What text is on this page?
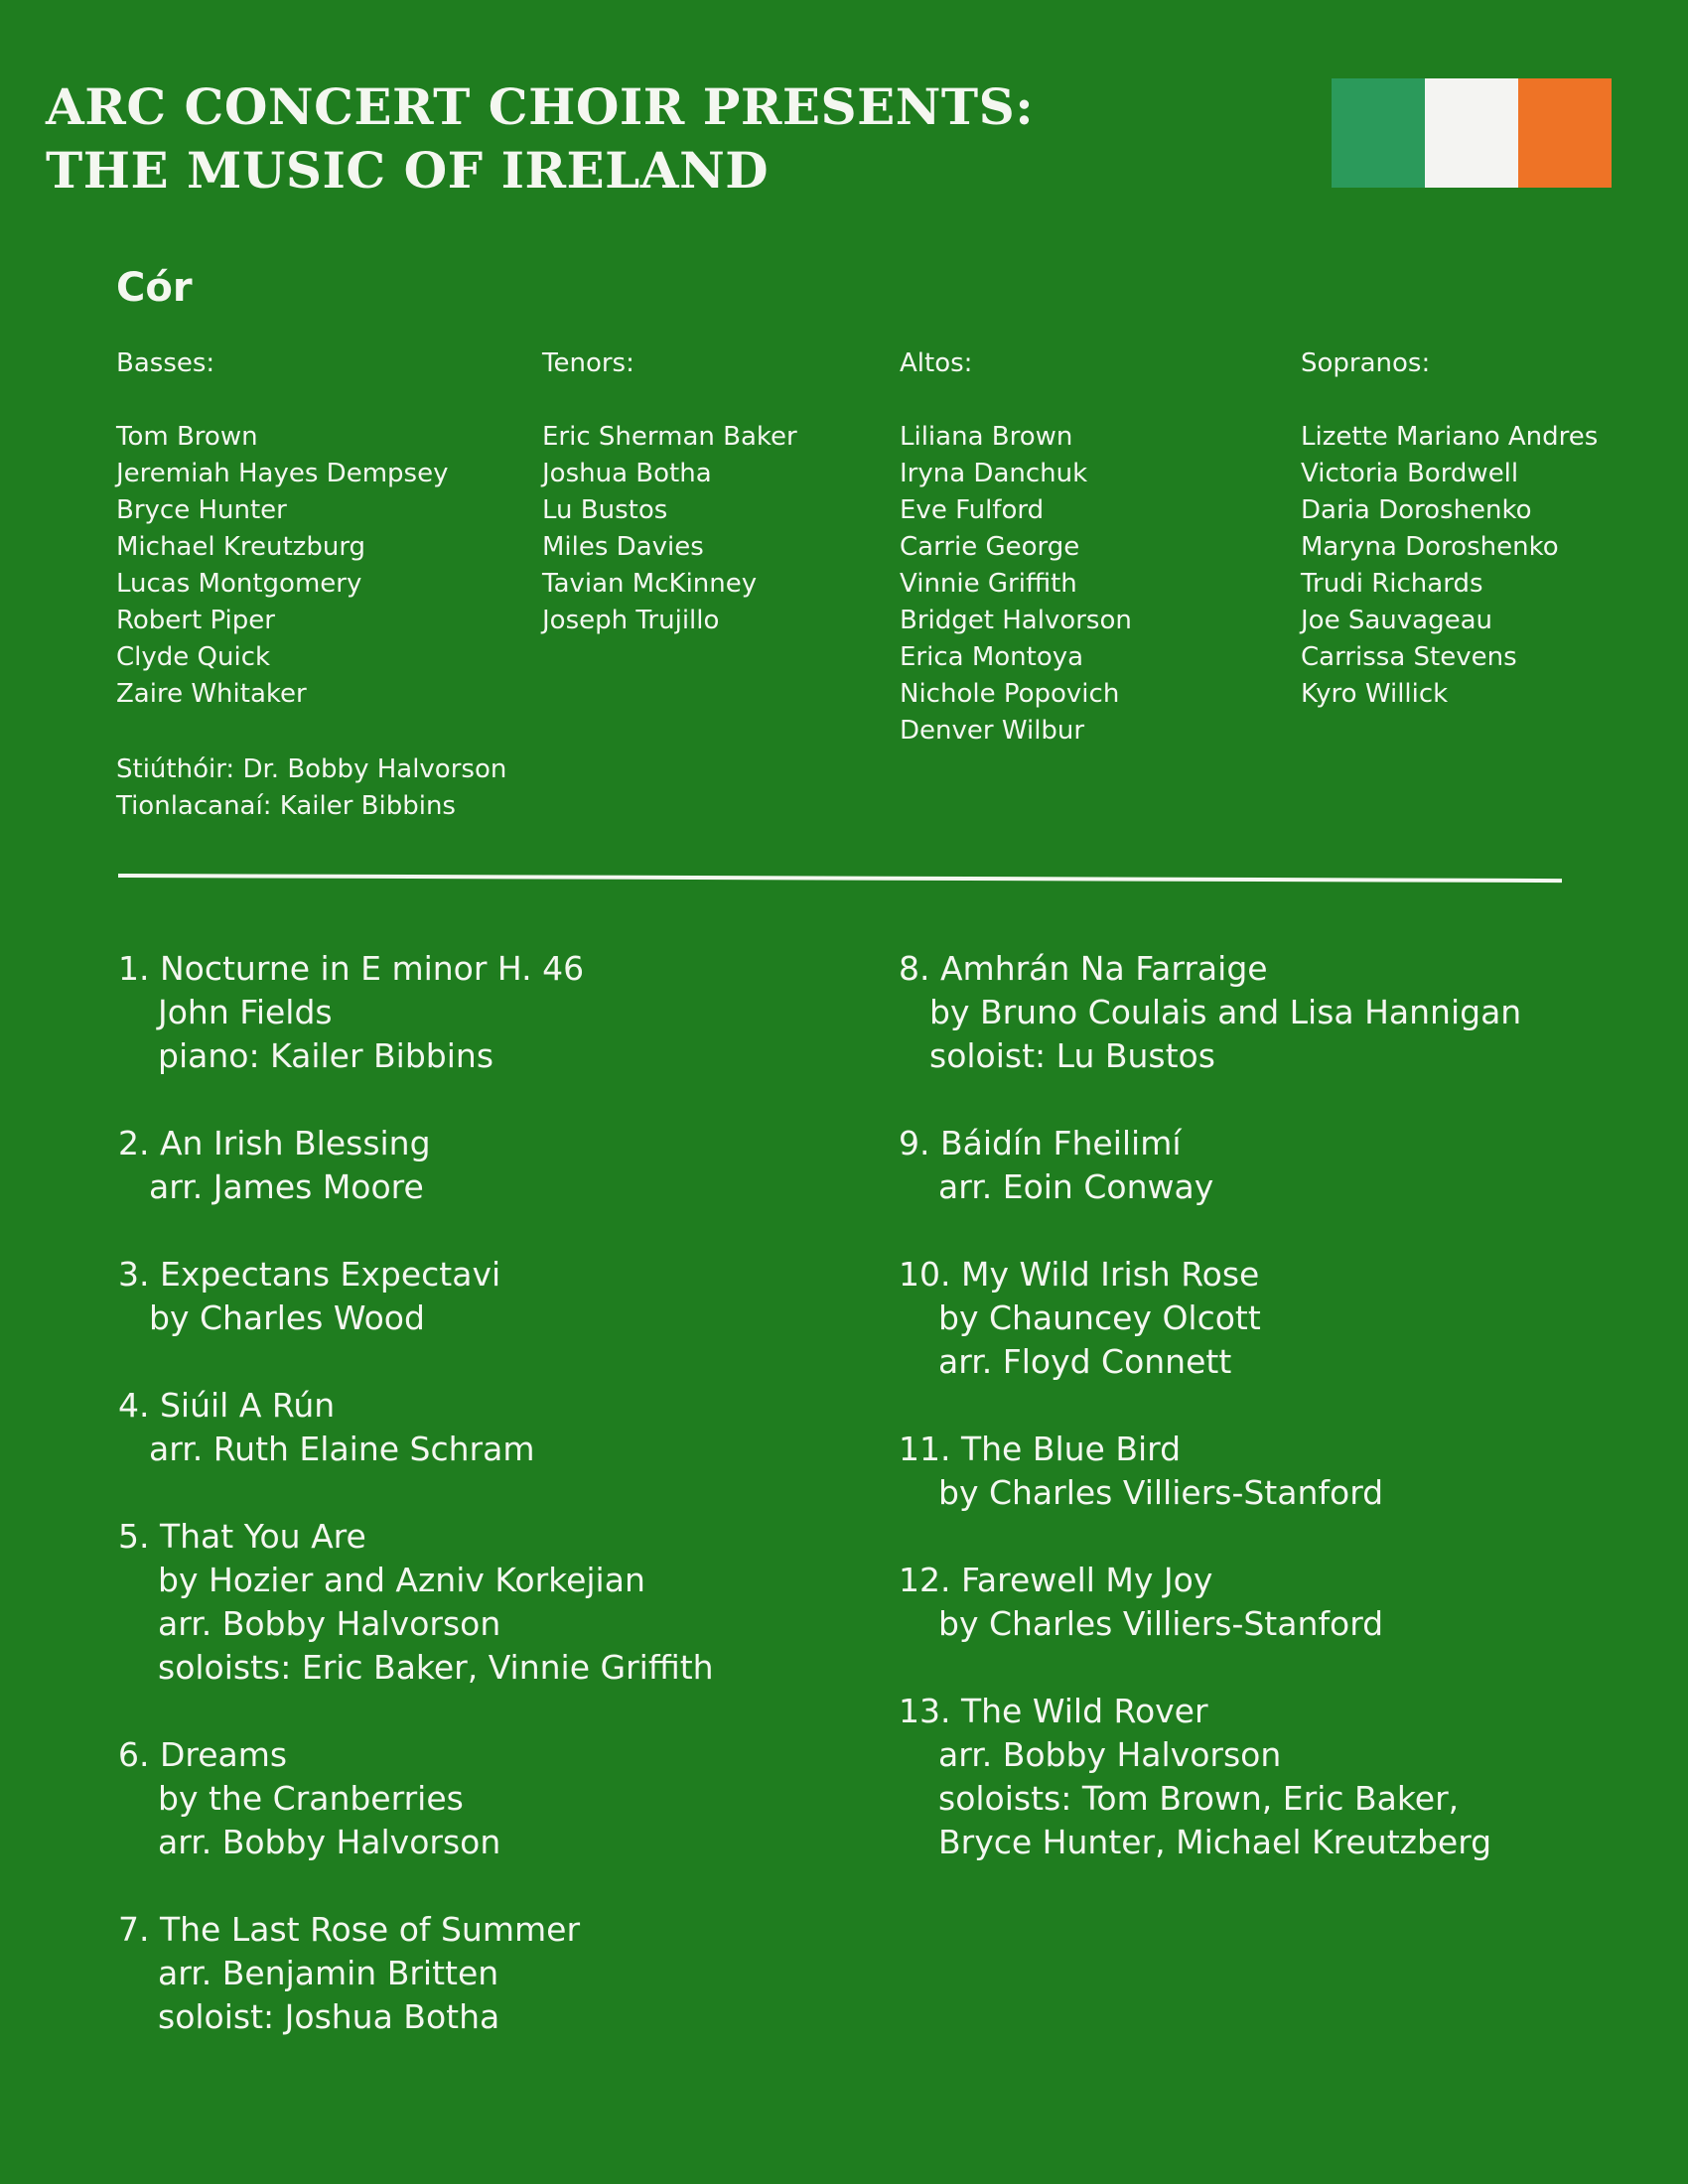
ARC CONCERT CHOIR PRESENTS:
THE MUSIC OF IRELAND
Cór
Basses:
Tom Brown
Jeremiah Hayes Dempsey
Bryce Hunter
Michael Kreutzburg
Lucas Montgomery
Robert Piper
Clyde Quick
Zaire Whitaker
Tenors:
Eric Sherman Baker
Joshua Botha
Lu Bustos
Miles Davies
Tavian McKinney
Joseph Trujillo
Altos:
Liliana Brown
Iryna Danchuk
Eve Fulford
Carrie George
Vinnie Griffith
Bridget Halvorson
Erica Montoya
Nichole Popovich
Denver Wilbur
Sopranos:
Lizette Mariano Andres
Victoria Bordwell
Daria Doroshenko
Maryna Doroshenko
Trudi Richards
Joe Sauvageau
Carrissa Stevens
Kyro Willick
Stiúthóir: Dr. Bobby Halvorson
Tionlacanaí: Kailer Bibbins
1. Nocturne in E minor H. 46
John Fields
piano: Kailer Bibbins
2. An Irish Blessing
arr. James Moore
3. Expectans Expectavi
by Charles Wood
4. Siúil A Rún
arr. Ruth Elaine Schram
5. That You Are
by Hozier and Azniv Korkejian
arr. Bobby Halvorson
soloists: Eric Baker, Vinnie Griffith
6. Dreams
by the Cranberries
arr. Bobby Halvorson
7. The Last Rose of Summer
arr. Benjamin Britten
soloist: Joshua Botha
8. Amhrán Na Farraige
by Bruno Coulais and Lisa Hannigan
soloist: Lu Bustos
9. Báidín Fheilimí
arr. Eoin Conway
10. My Wild Irish Rose
by Chauncey Olcott
arr. Floyd Connett
11. The Blue Bird
by Charles Villiers-Stanford
12. Farewell My Joy
by Charles Villiers-Stanford
13. The Wild Rover
arr. Bobby Halvorson
soloists: Tom Brown, Eric Baker,
Bryce Hunter, Michael Kreutzberg
